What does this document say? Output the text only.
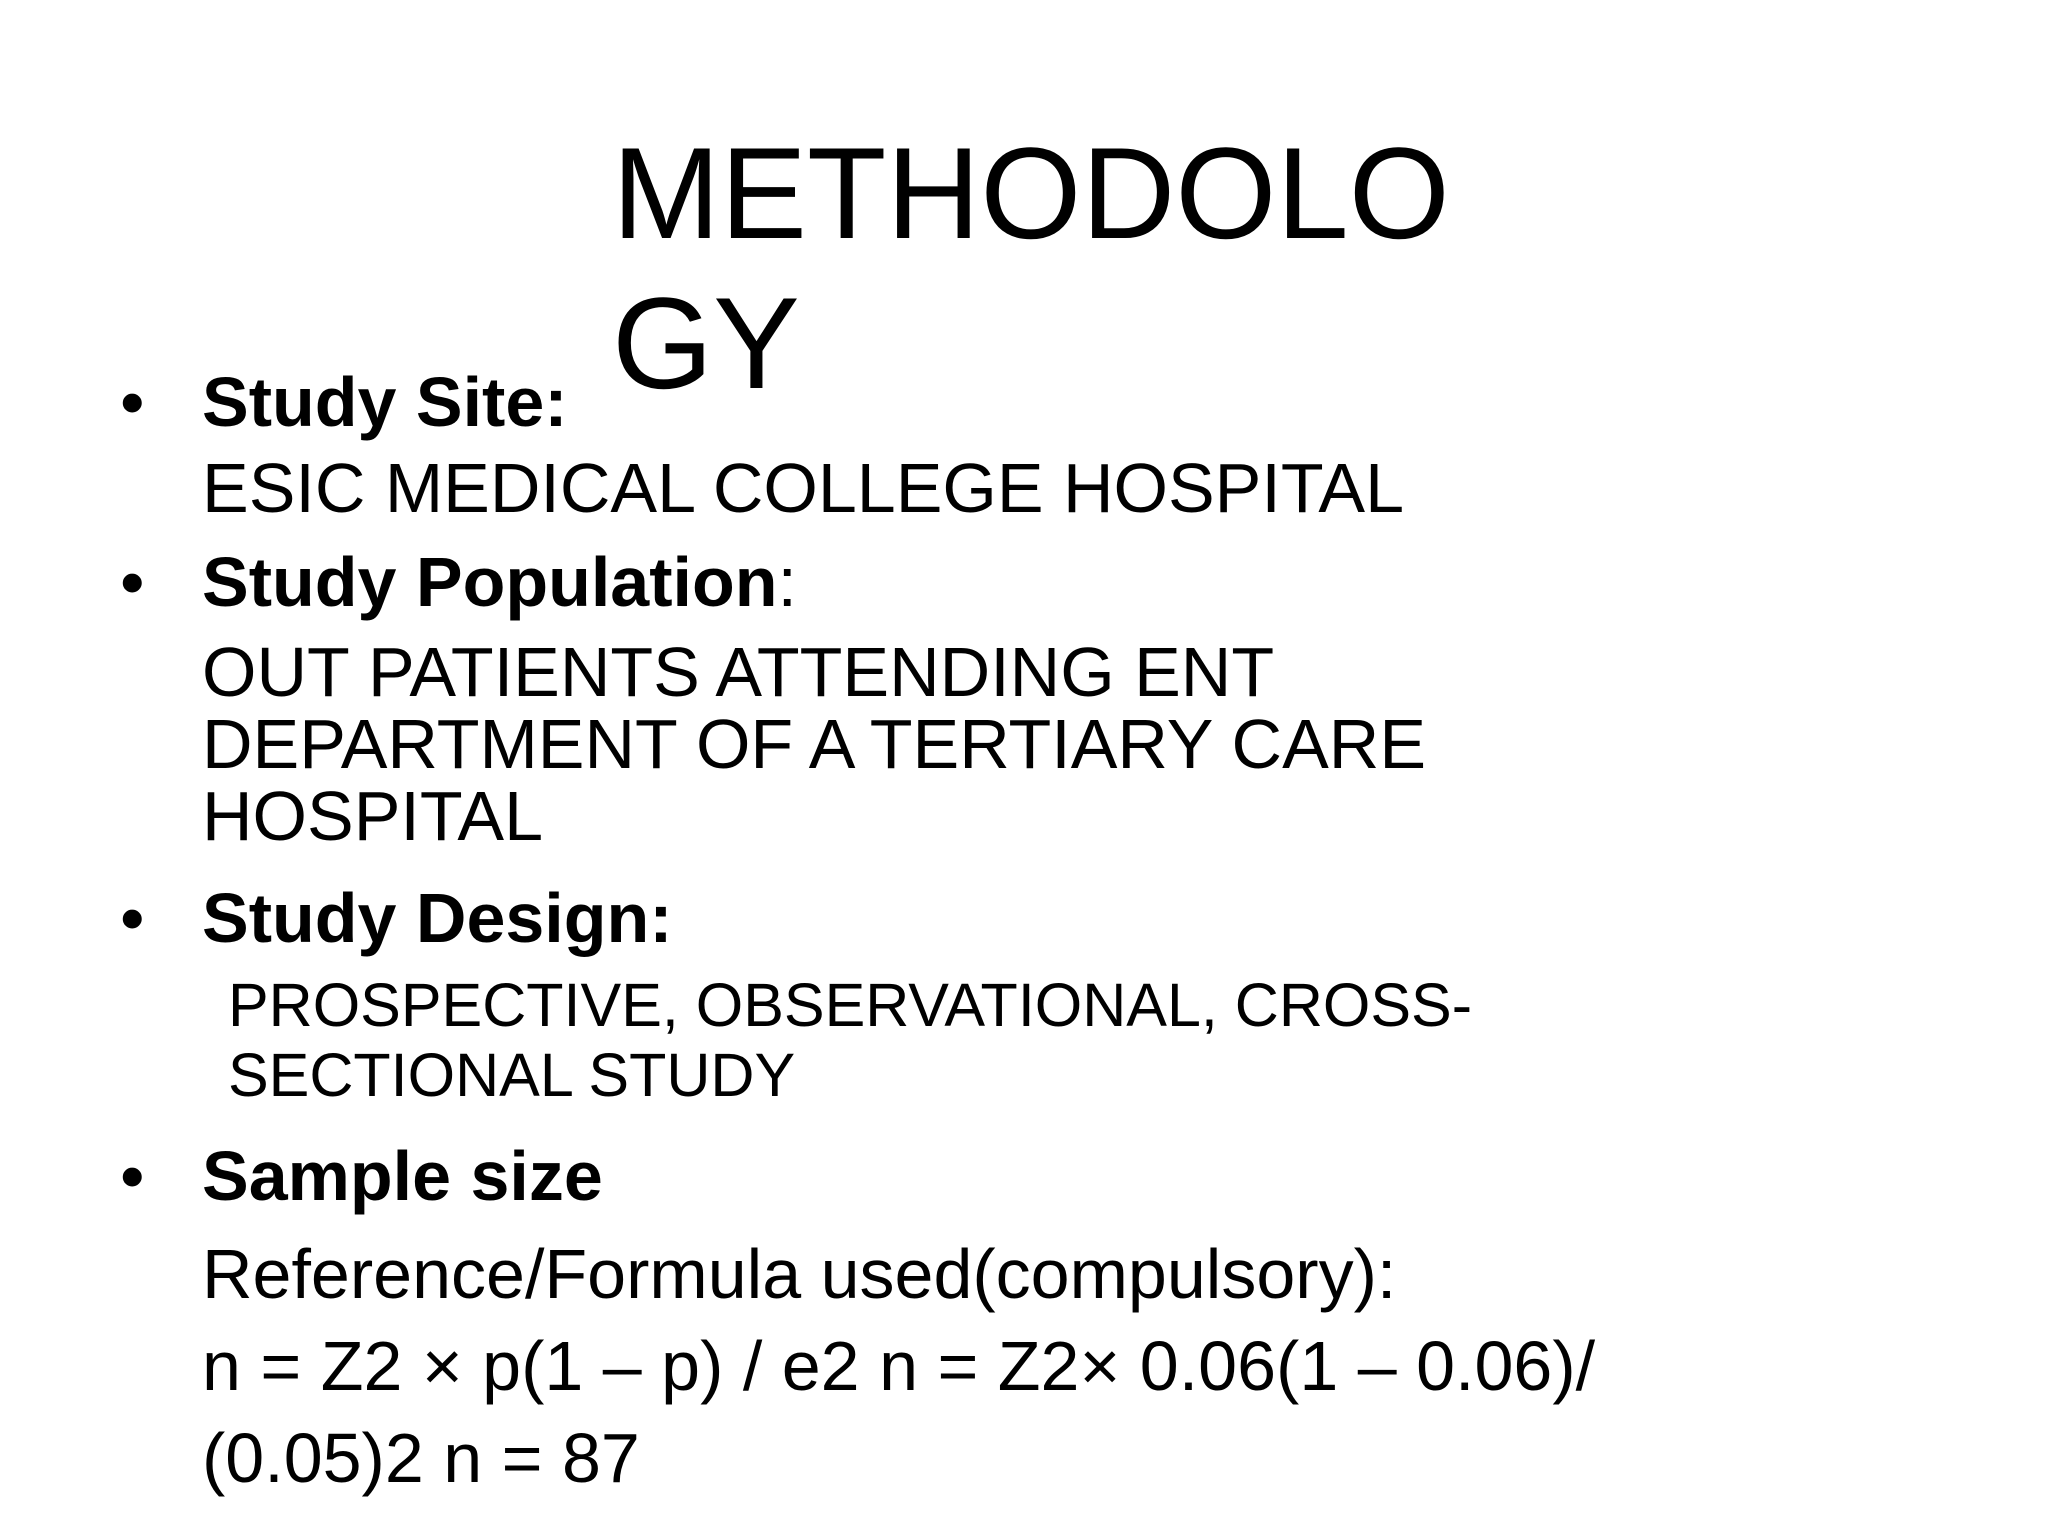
METHODOLO
GY
• Study Site:
ESIC MEDICAL COLLEGE HOSPITAL
• Study Population:
OUT PATIENTS ATTENDING ENT
DEPARTMENT OF A TERTIARY CARE
HOSPITAL
• Study Design:
PROSPECTIVE, OBSERVATIONAL, CROSS-
SECTIONAL STUDY
• Sample size
Reference/Formula used(compulsory):
n = Z2 × p(1 – p) / e2 n = Z2× 0.06(1 – 0.06)/
(0.05)2 n = 87
